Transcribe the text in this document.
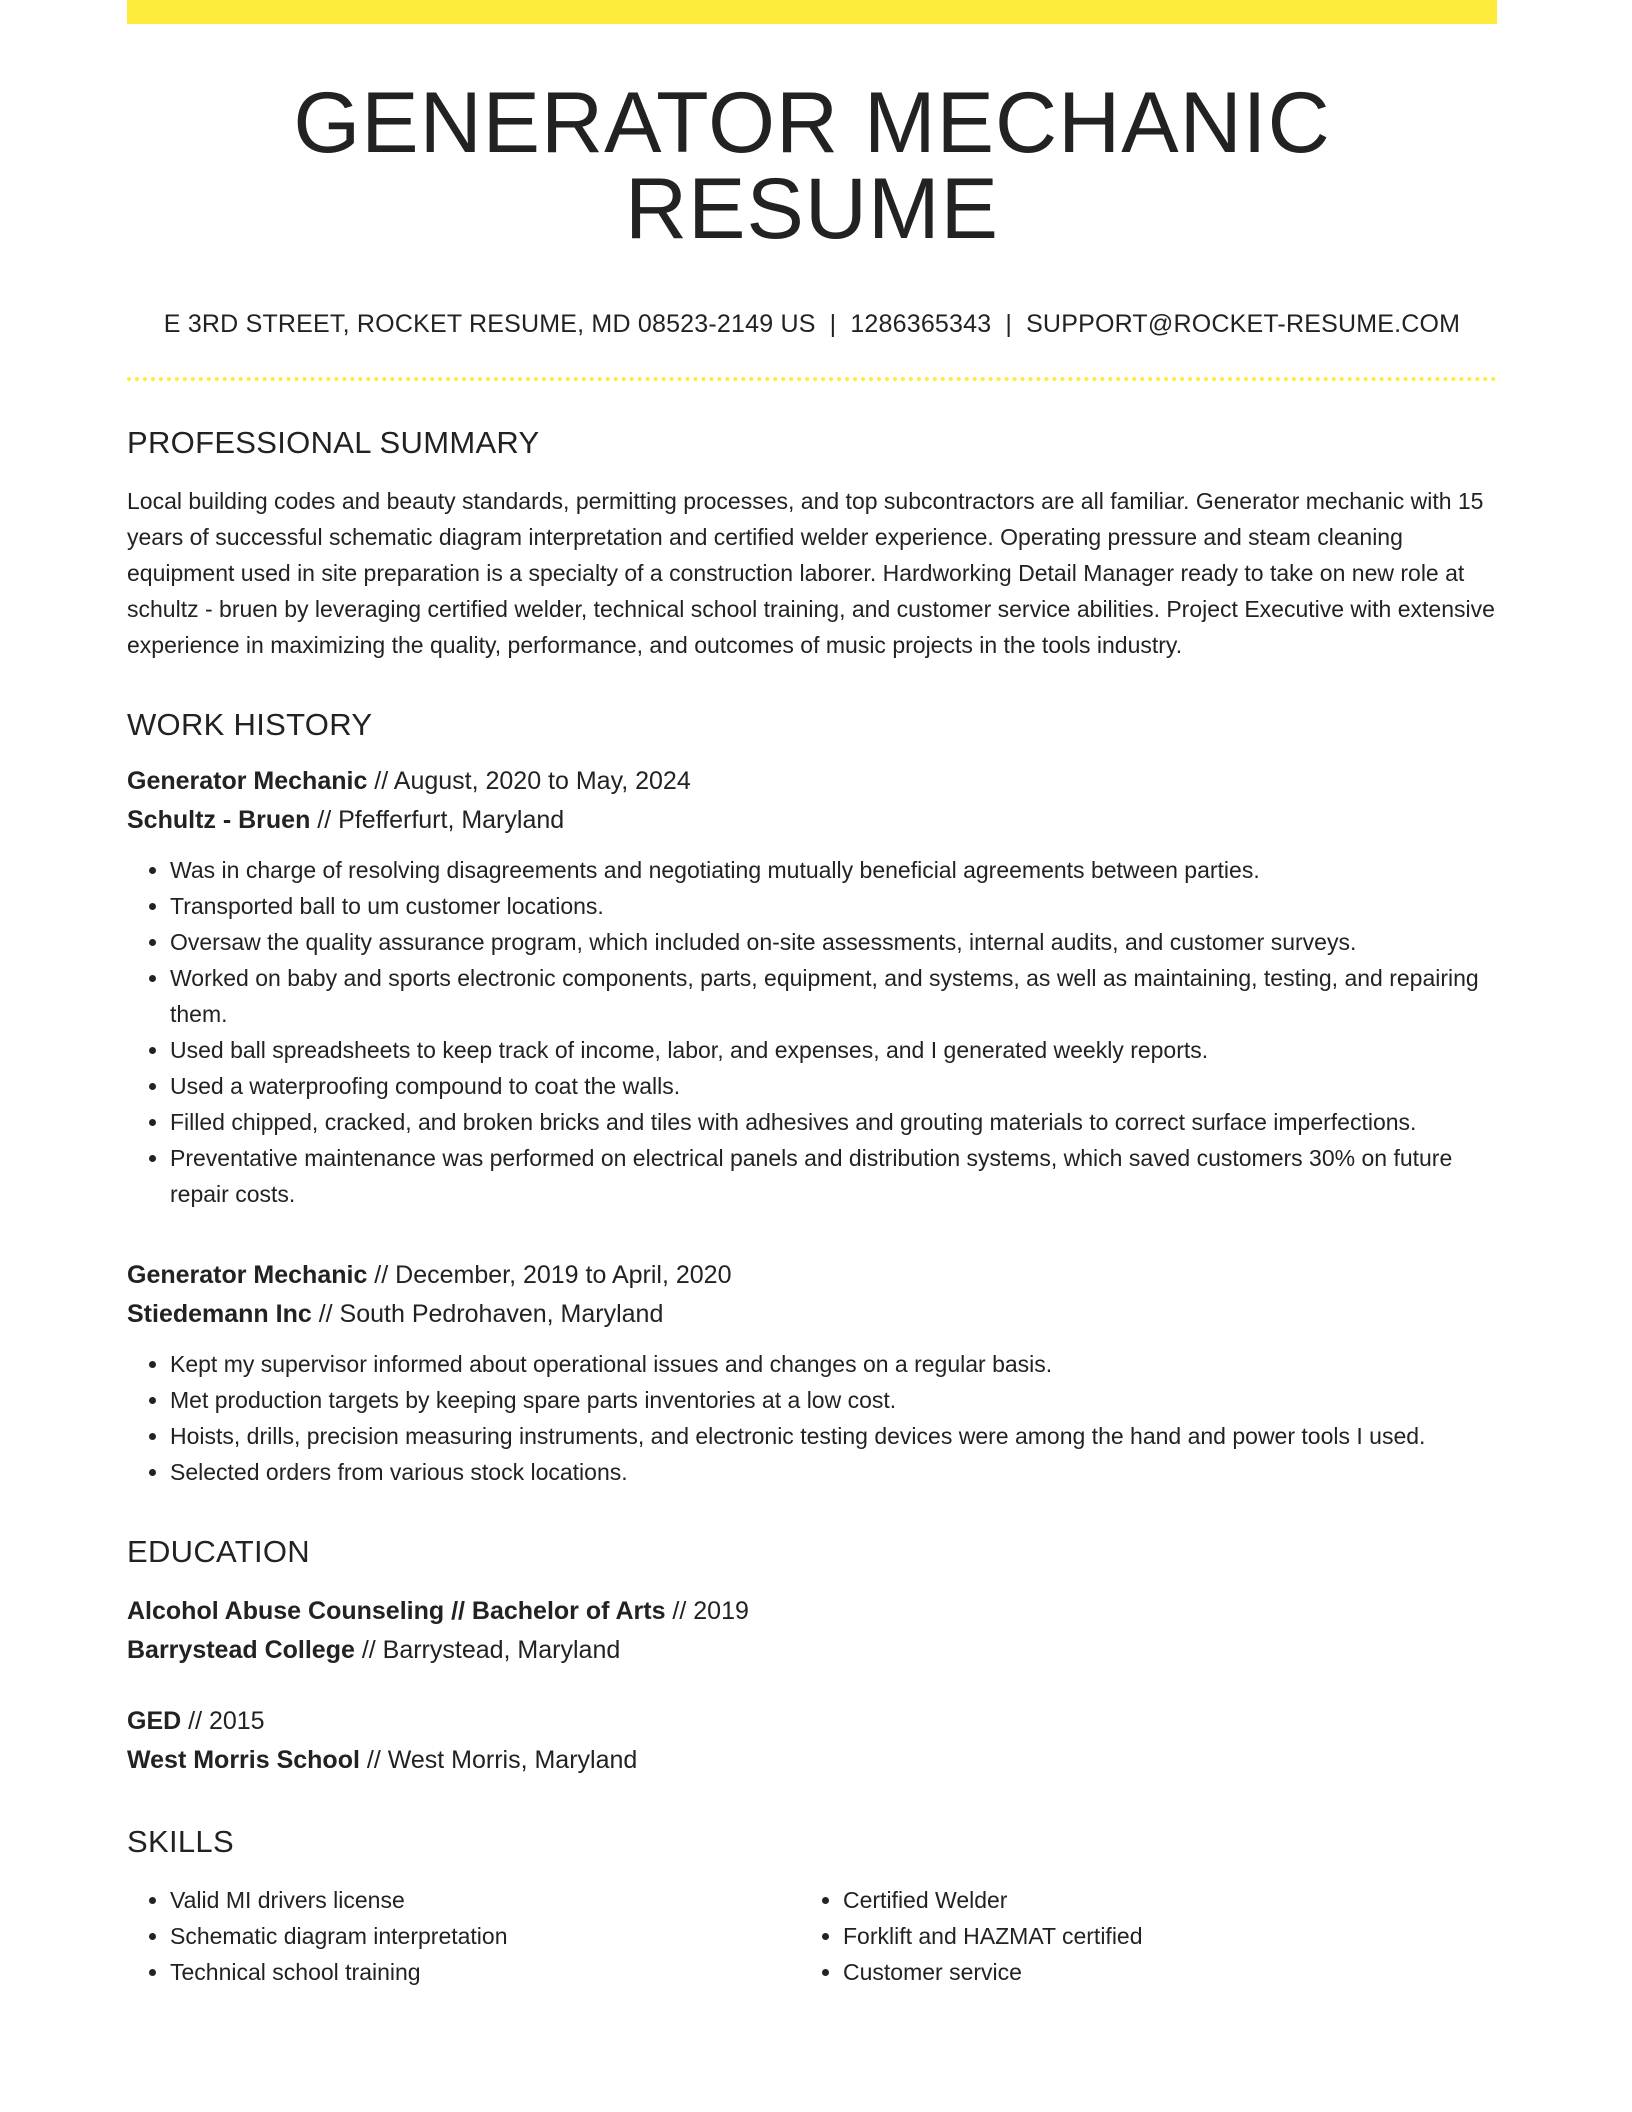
GENERATOR MECHANIC RESUME
E 3RD STREET, ROCKET RESUME, MD 08523-2149 US | 1286365343 | SUPPORT@ROCKET-RESUME.COM
PROFESSIONAL SUMMARY
Local building codes and beauty standards, permitting processes, and top subcontractors are all familiar. Generator mechanic with 15 years of successful schematic diagram interpretation and certified welder experience. Operating pressure and steam cleaning equipment used in site preparation is a specialty of a construction laborer. Hardworking Detail Manager ready to take on new role at schultz - bruen by leveraging certified welder, technical school training, and customer service abilities. Project Executive with extensive experience in maximizing the quality, performance, and outcomes of music projects in the tools industry.
WORK HISTORY
Generator Mechanic // August, 2020 to May, 2024
Schultz - Bruen // Pfefferfurt, Maryland
• Was in charge of resolving disagreements and negotiating mutually beneficial agreements between parties.
• Transported ball to um customer locations.
• Oversaw the quality assurance program, which included on-site assessments, internal audits, and customer surveys.
• Worked on baby and sports electronic components, parts, equipment, and systems, as well as maintaining, testing, and repairing them.
• Used ball spreadsheets to keep track of income, labor, and expenses, and I generated weekly reports.
• Used a waterproofing compound to coat the walls.
• Filled chipped, cracked, and broken bricks and tiles with adhesives and grouting materials to correct surface imperfections.
• Preventative maintenance was performed on electrical panels and distribution systems, which saved customers 30% on future repair costs.
Generator Mechanic // December, 2019 to April, 2020
Stiedemann Inc // South Pedrohaven, Maryland
• Kept my supervisor informed about operational issues and changes on a regular basis.
• Met production targets by keeping spare parts inventories at a low cost.
• Hoists, drills, precision measuring instruments, and electronic testing devices were among the hand and power tools I used.
• Selected orders from various stock locations.
EDUCATION
Alcohol Abuse Counseling // Bachelor of Arts // 2019
Barrystead College // Barrystead, Maryland
GED // 2015
West Morris School // West Morris, Maryland
SKILLS
• Valid MI drivers license
• Schematic diagram interpretation
• Technical school training
• Certified Welder
• Forklift and HAZMAT certified
• Customer service
